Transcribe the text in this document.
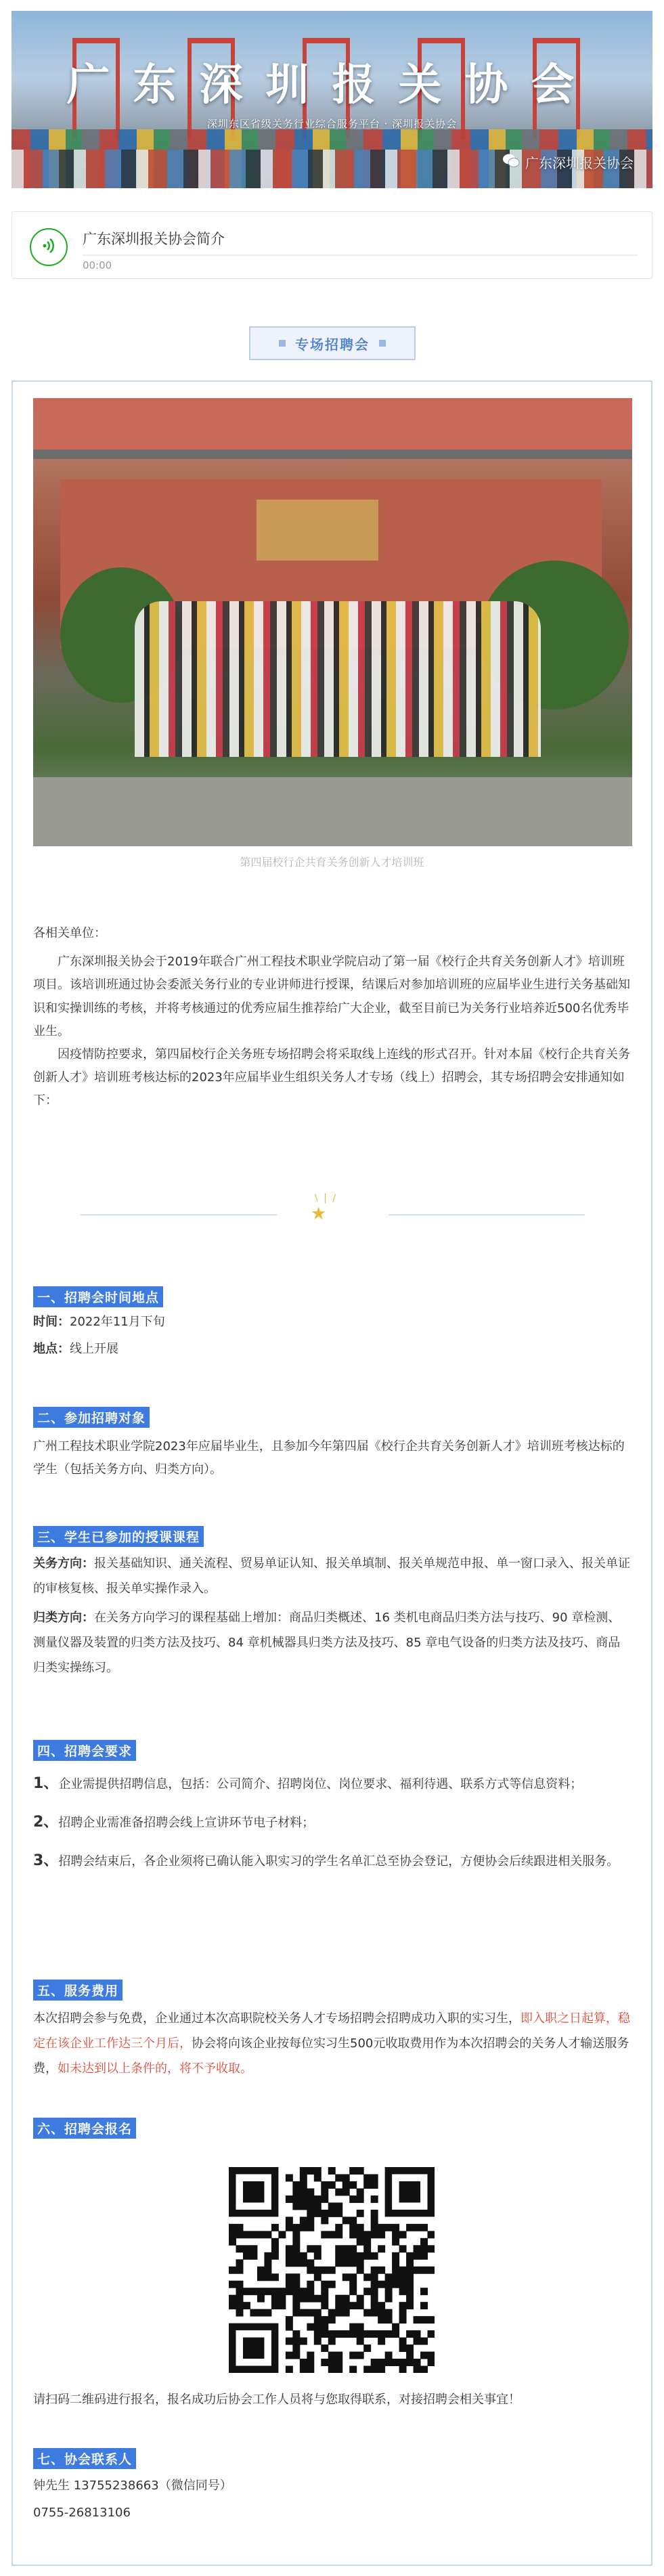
广东深圳报关协会
深圳东区省级关务行业综合服务平台 · 深圳报关协会
广东深圳报关协会
广东深圳报关协会简介
00:00
专场招聘会
第四届校行企共育关务创新人才培训班

各相关单位：

广东深圳报关协会于2019年联合广州工程技术职业学院启动了第一届《校行企共育关务创新人才》培训班项目。该培训班通过协会委派关务行业的专业讲师进行授课，结课后对参加培训班的应届毕业生进行关务基础知识和实操训练的考核，并将考核通过的优秀应届生推荐给广大企业，截至目前已为关务行业培养近500名优秀毕业生。

因疫情防控要求，第四届校行企关务班专场招聘会将采取线上连线的形式召开。针对本届《校行企共育关务创新人才》培训班考核达标的2023年应届毕业生组织关务人才专场（线上）招聘会，其专场招聘会安排通知如下：

\ | /
★
一、招聘会时间地点

时间：2022年11月下旬

地点：线上开展

二、参加招聘对象
广州工程技术职业学院2023年应届毕业生，且参加今年第四届《校行企共育关务创新人才》培训班考核达标的学生（包括关务方向、归类方向）。
三、学生已参加的授课课程

关务方向：报关基础知识、通关流程、贸易单证认知、报关单填制、报关单规范申报、单一窗口录入、报关单证的审核复核、报关单实操作录入。

归类方向：在关务方向学习的课程基础上增加：商品归类概述、16 类机电商品归类方法与技巧、90 章检测、测量仪器及装置的归类方法及技巧、84 章机械器具归类方法及技巧、85 章电气设备的归类方法及技巧、商品归类实操练习。

四、招聘会要求

1、企业需提供招聘信息，包括：公司简介、招聘岗位、岗位要求、福利待遇、联系方式等信息资料；

2、招聘企业需准备招聘会线上宣讲环节电子材料；

3、招聘会结束后，各企业须将已确认能入职实习的学生名单汇总至协会登记，方便协会后续跟进相关服务。

五、服务费用

本次招聘会参与免费，企业通过本次高职院校关务人才专场招聘会招聘成功入职的实习生，即入职之日起算，稳定在该企业工作达三个月后，协会将向该企业按每位实习生500元收取费用作为本次招聘会的关务人才输送服务费，如未达到以上条件的，将不予收取。

六、招聘会报名
请扫码二维码进行报名，报名成功后协会工作人员将与您取得联系，对接招聘会相关事宜！
七、协会联系人

钟先生 13755238663（微信同号）

0755-26813106
